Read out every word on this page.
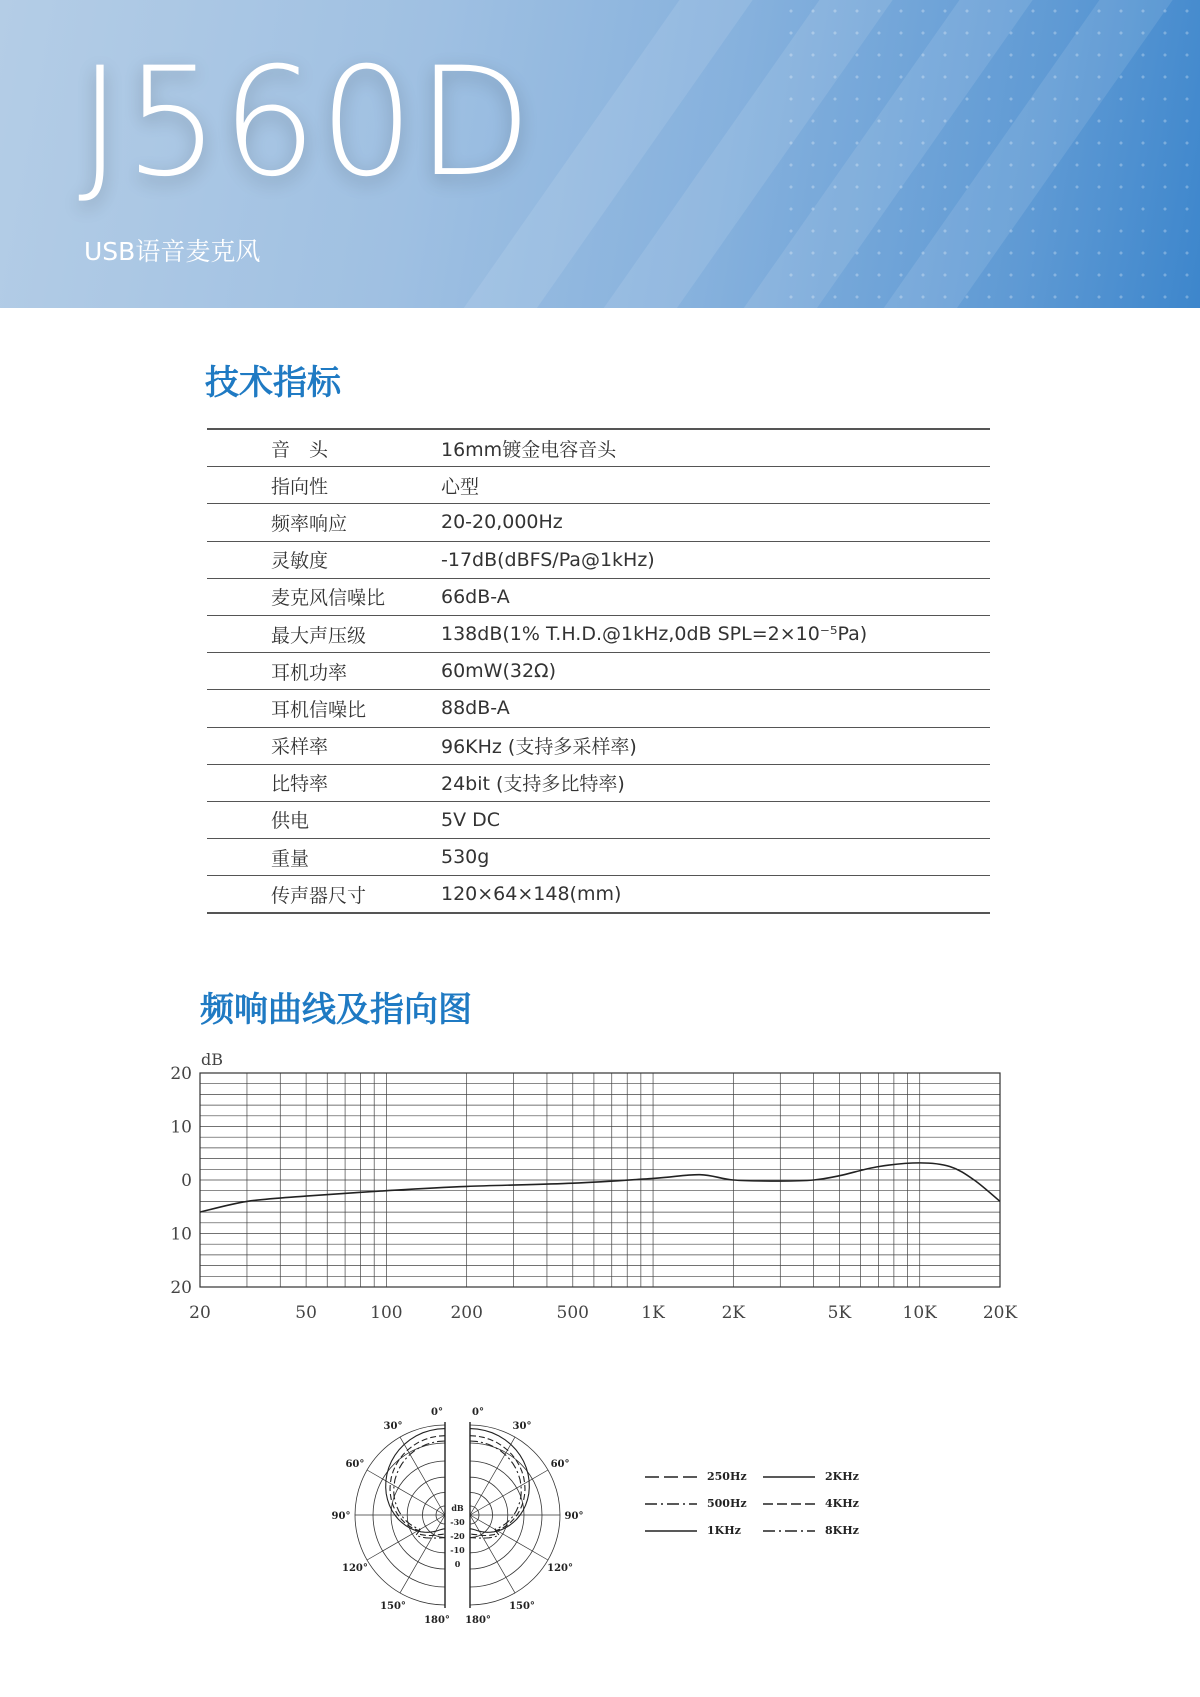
J560D
USB语音麦克风
技术指标
音　头	16mm镀金电容音头
指向性	心型
频率响应	20-20,000Hz
灵敏度	-17dB(dBFS/Pa@1kHz)
麦克风信噪比	66dB-A
最大声压级	138dB(1% T.H.D.@1kHz,0dB SPL=2×10⁻⁵Pa)
耳机功率	60mW(32Ω)
耳机信噪比	88dB-A
采样率	96KHz (支持多采样率)
比特率	24bit (支持多比特率)
供电	5V DC
重量	530g
传声器尺寸	120×64×148(mm)
频响曲线及指向图
dB
20
10
0
10
20
20	50	100	200	500	1K	2K	5K	10K	20K
0°
30°
60°
90°
120°
150°
180°
0°
30°
60°
90°
120°
150°
180°
dB
-30
-20
-10
0
250Hz	2KHz
500Hz	4KHz
1KHz	8KHz
